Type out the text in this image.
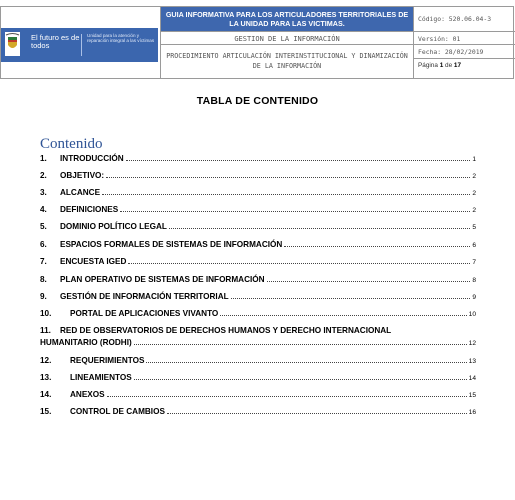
El futuro es de todos
Unidad para la atención y reparación integral a las víctimas
GUIA INFORMATIVA PARA LOS ARTICULADORES TERRITORIALES DE LA UNIDAD PARA LAS VICTIMAS.
GESTION DE LA INFORMACIÓN
PROCEDIMIENTO ARTICULACIÓN INTERINSTITUCIONAL Y DINAMIZACIÓN DE LA INFORMACIÓN
Código: 520.06.04-3
Versión: 01
Fecha: 28/02/2019
Página 1 de 17
TABLA DE CONTENIDO
Contenido
1.	INTRODUCCIÓN	1
2.	OBJETIVO:	2
3.	ALCANCE	2
4.	DEFINICIONES	2
5.	DOMINIO POLÍTICO LEGAL	5
6.	ESPACIOS FORMALES DE SISTEMAS DE INFORMACIÓN	6
7.	ENCUESTA IGED	7
8.	PLAN OPERATIVO DE SISTEMAS DE INFORMACIÓN	8
9.	GESTIÓN DE INFORMACIÓN TERRITORIAL	9
10.	PORTAL DE APLICACIONES VIVANTO	10
11. RED DE OBSERVATORIOS DE DERECHOS HUMANOS Y DERECHO INTERNACIONAL
HUMANITARIO (RODHI)	12
12.	REQUERIMIENTOS	13
13.	LINEAMIENTOS	14
14.	ANEXOS	15
15.	CONTROL DE CAMBIOS	16
